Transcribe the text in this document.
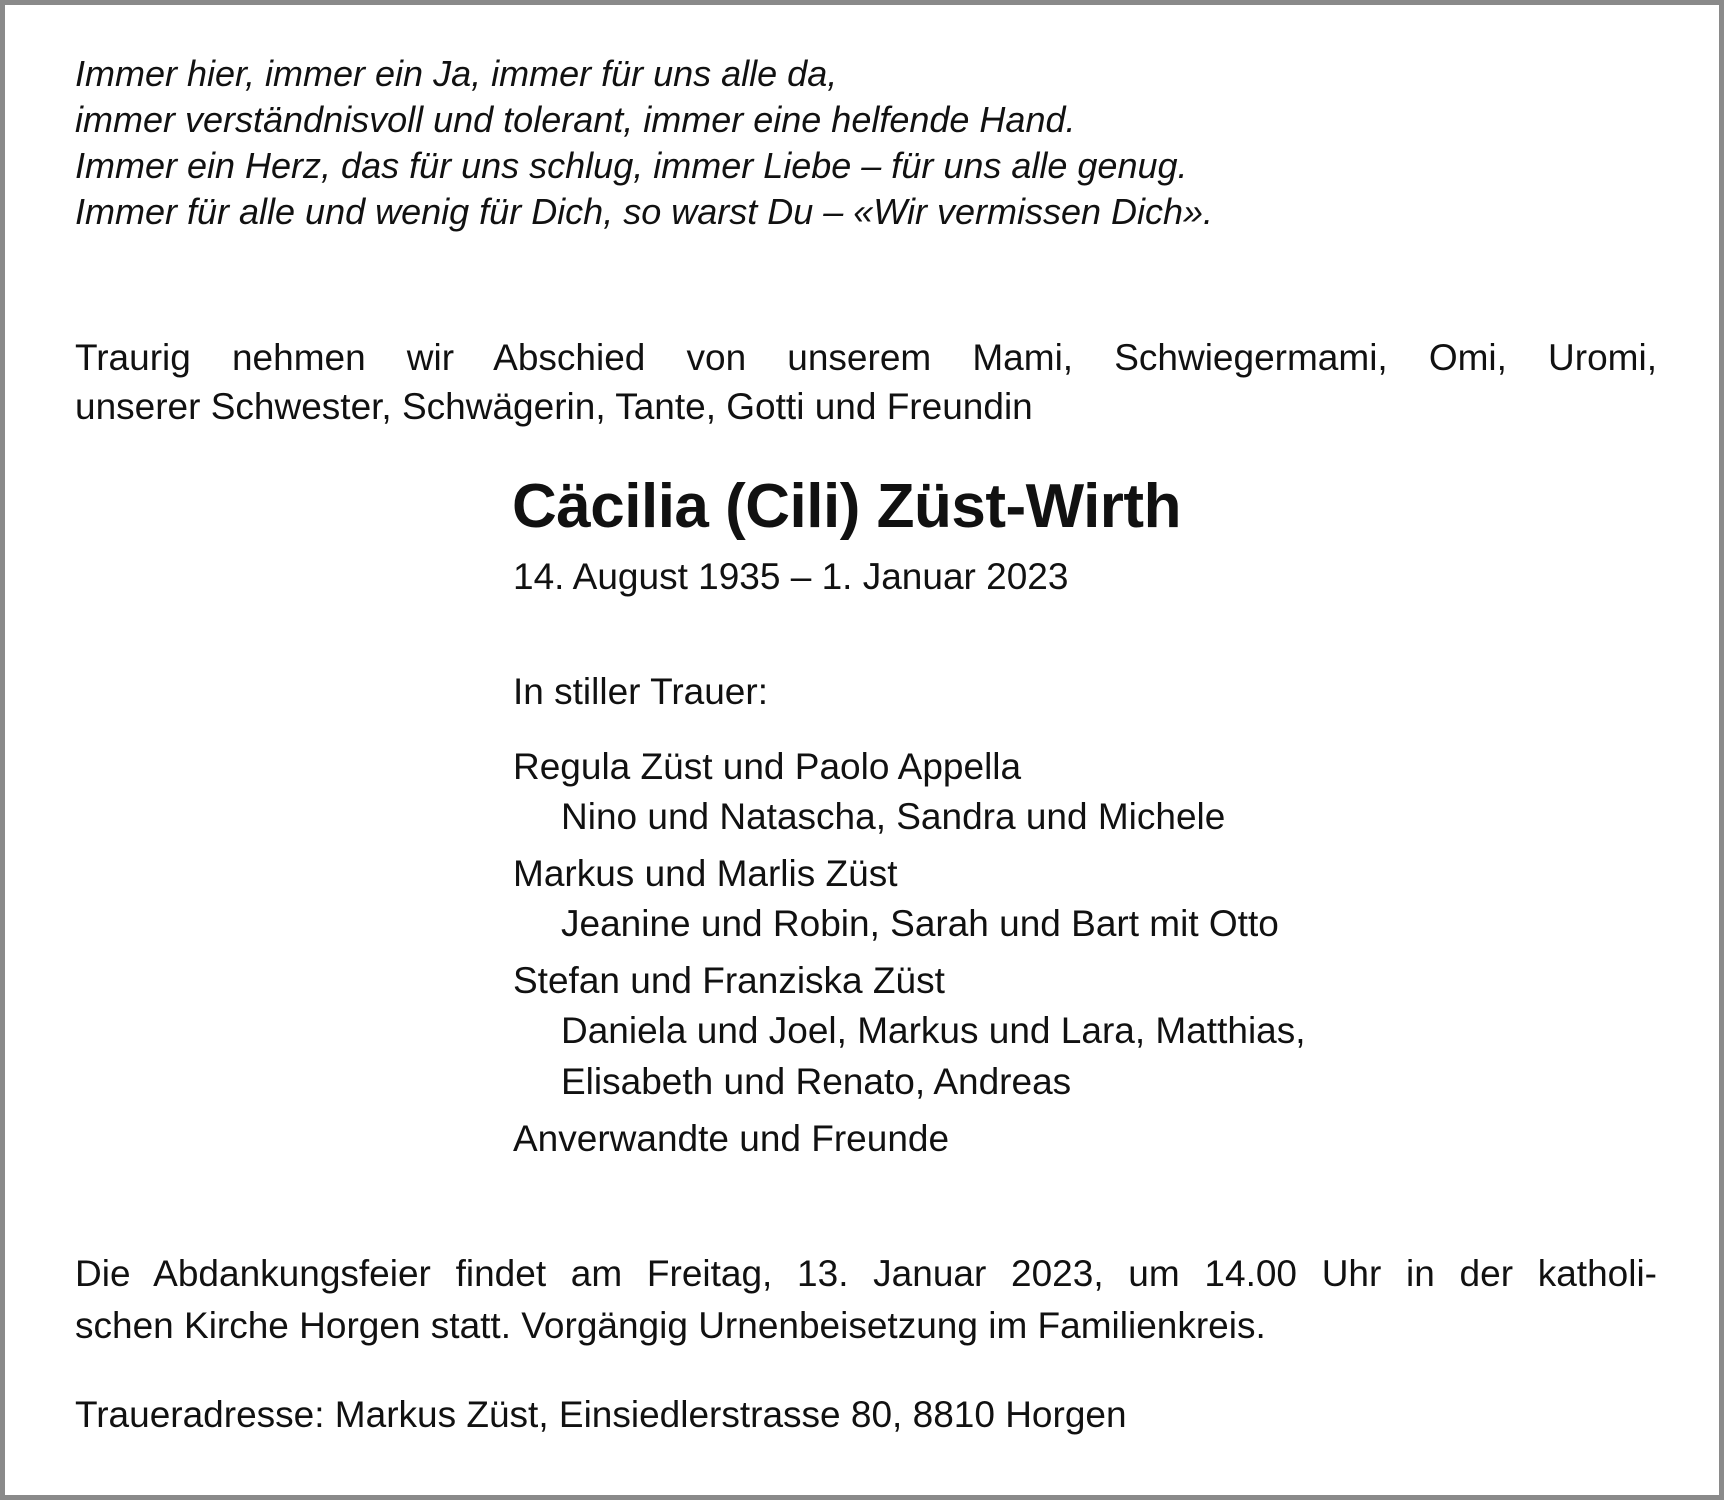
Immer hier, immer ein Ja, immer für uns alle da,
immer verständnisvoll und tolerant, immer eine helfende Hand.
Immer ein Herz, das für uns schlug, immer Liebe – für uns alle genug.
Immer für alle und wenig für Dich, so warst Du – «Wir vermissen Dich».
Traurig nehmen wir Abschied von unserem Mami, Schwiegermami, Omi, Uromi,
unserer Schwester, Schwägerin, Tante, Gotti und Freundin
Cäcilia (Cili) Züst-Wirth
14. August 1935 – 1. Januar 2023
In stiller Trauer:
Regula Züst und Paolo Appella
Nino und Natascha, Sandra und Michele
Markus und Marlis Züst
Jeanine und Robin, Sarah und Bart mit Otto
Stefan und Franziska Züst
Daniela und Joel, Markus und Lara, Matthias,
Elisabeth und Renato, Andreas
Anverwandte und Freunde
Die Abdankungsfeier findet am Freitag, 13. Januar 2023, um 14.00 Uhr in der katholi-
schen Kirche Horgen statt. Vorgängig Urnenbeisetzung im Familienkreis.
Traueradresse: Markus Züst, Einsiedlerstrasse 80, 8810 Horgen
